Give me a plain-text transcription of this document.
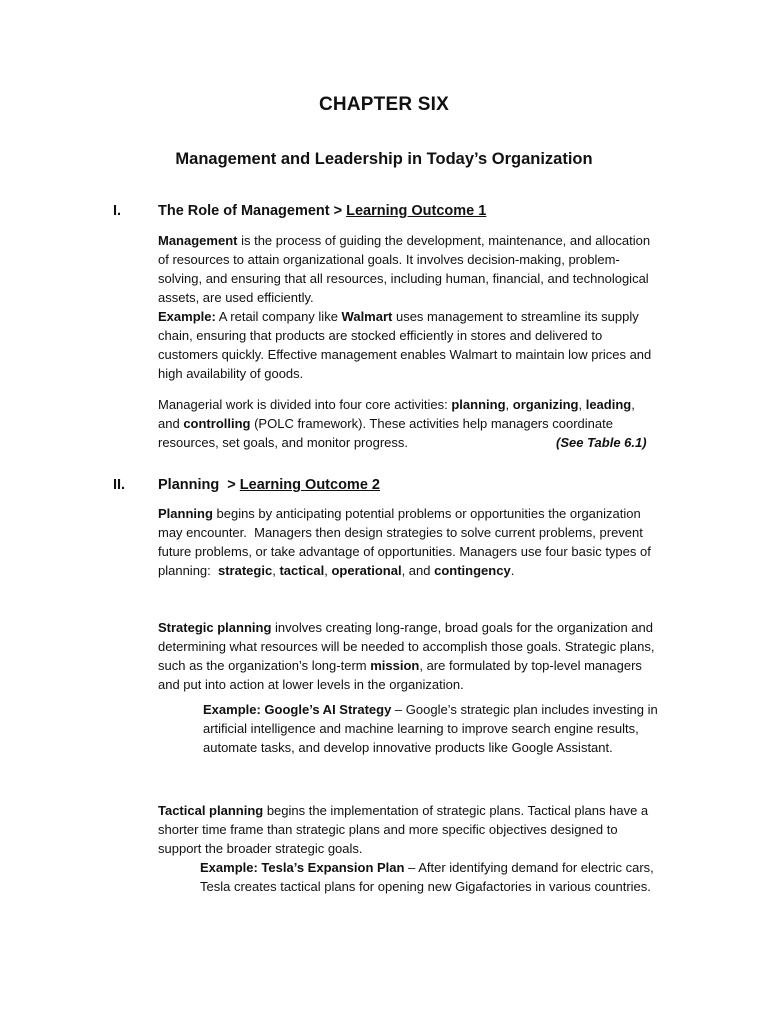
CHAPTER SIX
Management and Leadership in Today’s Organization
I.	The Role of Management > Learning Outcome 1
Management is the process of guiding the development, maintenance, and allocation of resources to attain organizational goals. It involves decision-making, problem-solving, and ensuring that all resources, including human, financial, and technological assets, are used efficiently.
Example: A retail company like Walmart uses management to streamline its supply chain, ensuring that products are stocked efficiently in stores and delivered to customers quickly. Effective management enables Walmart to maintain low prices and high availability of goods.
Managerial work is divided into four core activities: planning, organizing, leading,
and controlling (POLC framework). These activities help managers coordinate
resources, set goals, and monitor progress.	(See Table 6.1)
II. Planning  > Learning Outcome 2
Planning begins by anticipating potential problems or opportunities the organization may encounter.  Managers then design strategies to solve current problems, prevent future problems, or take advantage of opportunities. Managers use four basic types of planning:  strategic, tactical, operational, and contingency.
Strategic planning involves creating long-range, broad goals for the organization and determining what resources will be needed to accomplish those goals. Strategic plans, such as the organization’s long-term mission, are formulated by top-level managers and put into action at lower levels in the organization.
Example: Google’s AI Strategy – Google’s strategic plan includes investing in artificial intelligence and machine learning to improve search engine results, automate tasks, and develop innovative products like Google Assistant.
Tactical planning begins the implementation of strategic plans. Tactical plans have a shorter time frame than strategic plans and more specific objectives designed to support the broader strategic goals.
Example: Tesla’s Expansion Plan – After identifying demand for electric cars, Tesla creates tactical plans for opening new Gigafactories in various countries.
